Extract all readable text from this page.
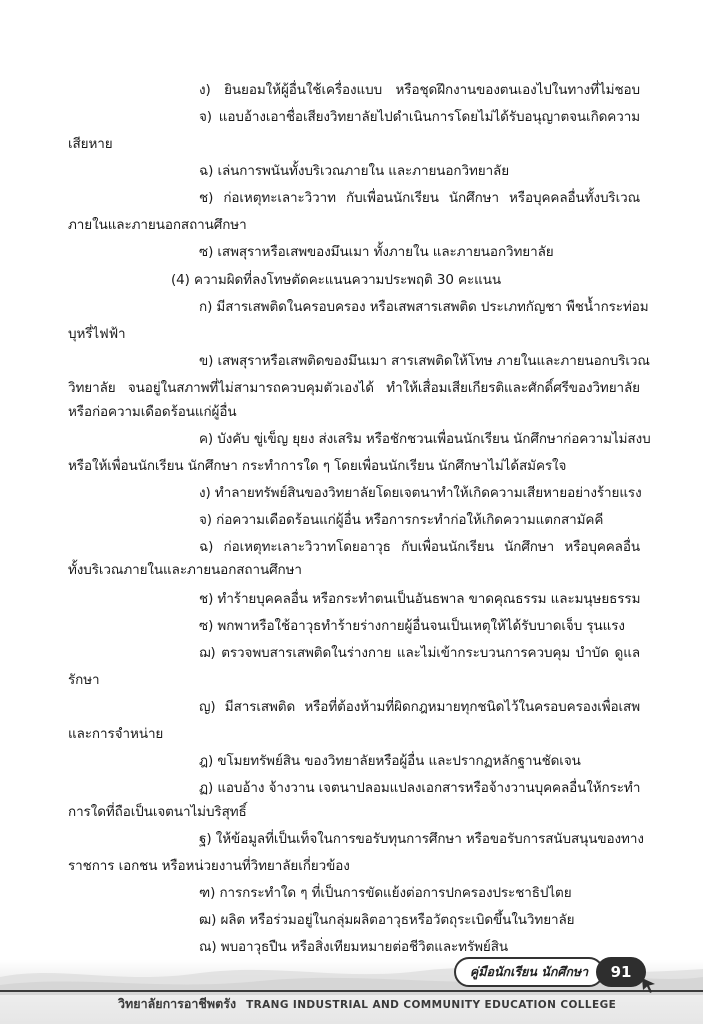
ง) ยินยอมให้ผู้อื่นใช้เครื่องแบบ หรือชุดฝึกงานของตนเองไปในทางที่ไม่ชอบ
จ) แอบอ้างเอาชื่อเสียงวิทยาลัยไปดำเนินการโดยไม่ได้รับอนุญาตจนเกิดความ
เสียหาย
ฉ) เล่นการพนันทั้งบริเวณภายใน และภายนอกวิทยาลัย
ช) ก่อเหตุทะเลาะวิวาท กับเพื่อนนักเรียน นักศึกษา หรือบุคคลอื่นทั้งบริเวณ
ภายในและภายนอกสถานศึกษา
ซ) เสพสุราหรือเสพของมึนเมา ทั้งภายใน และภายนอกวิทยาลัย
(4) ความผิดที่ลงโทษตัดคะแนนความประพฤติ 30 คะแนน
ก) มีสารเสพติดในครอบครอง หรือเสพสารเสพติด ประเภทกัญชา พืชน้ำกระท่อม
บุหรี่ไฟฟ้า
ข) เสพสุราหรือเสพติดของมึนเมา สารเสพติดให้โทษ ภายในและภายนอกบริเวณ
วิทยาลัย จนอยู่ในสภาพที่ไม่สามารถควบคุมตัวเองได้ ทำให้เสื่อมเสียเกียรติและศักดิ์ศรีของวิทยาลัย
หรือก่อความเดือดร้อนแก่ผู้อื่น
ค) บังคับ ขู่เข็ญ ยุยง ส่งเสริม หรือชักชวนเพื่อนนักเรียน นักศึกษาก่อความไม่สงบ
หรือให้เพื่อนนักเรียน นักศึกษา กระทำการใด ๆ โดยเพื่อนนักเรียน นักศึกษาไม่ได้สมัครใจ
ง) ทำลายทรัพย์สินของวิทยาลัยโดยเจตนาทำให้เกิดความเสียหายอย่างร้ายแรง
จ) ก่อความเดือดร้อนแก่ผู้อื่น หรือการกระทำก่อให้เกิดความแตกสามัคคี
ฉ) ก่อเหตุทะเลาะวิวาทโดยอาวุธ กับเพื่อนนักเรียน นักศึกษา หรือบุคคลอื่น
ทั้งบริเวณภายในและภายนอกสถานศึกษา
ช) ทำร้ายบุคคลอื่น หรือกระทำตนเป็นอันธพาล ขาดคุณธรรม และมนุษยธรรม
ซ) พกพาหรือใช้อาวุธทำร้ายร่างกายผู้อื่นจนเป็นเหตุให้ได้รับบาดเจ็บ รุนแรง
ฌ) ตรวจพบสารเสพติดในร่างกาย และไม่เข้ากระบวนการควบคุม บำบัด ดูแล
รักษา
ญ) มีสารเสพติด หรือที่ต้องห้ามที่ผิดกฎหมายทุกชนิดไว้ในครอบครองเพื่อเสพ
และการจำหน่าย
ฎ) ขโมยทรัพย์สิน ของวิทยาลัยหรือผู้อื่น และปรากฏหลักฐานชัดเจน
ฏ) แอบอ้าง จ้างวาน เจตนาปลอมแปลงเอกสารหรือจ้างวานบุคคลอื่นให้กระทำ
การใดที่ถือเป็นเจตนาไม่บริสุทธิ์
ฐ) ให้ข้อมูลที่เป็นเท็จในการขอรับทุนการศึกษา หรือขอรับการสนับสนุนของทาง
ราชการ เอกชน หรือหน่วยงานที่วิทยาลัยเกี่ยวข้อง
ฑ) การกระทำใด ๆ ที่เป็นการขัดแย้งต่อการปกครองประชาธิปไตย
ฒ) ผลิต หรือร่วมอยู่ในกลุ่มผลิตอาวุธหรือวัตถุระเบิดขึ้นในวิทยาลัย
ณ) พบอาวุธปืน หรือสิ่งเทียมหมายต่อชีวิตและทรัพย์สิน
วิทยาลัยการอาชีพตรัง TRANG INDUSTRIAL AND COMMUNITY EDUCATION COLLEGE
คู่มือนักเรียน นักศึกษา 91
